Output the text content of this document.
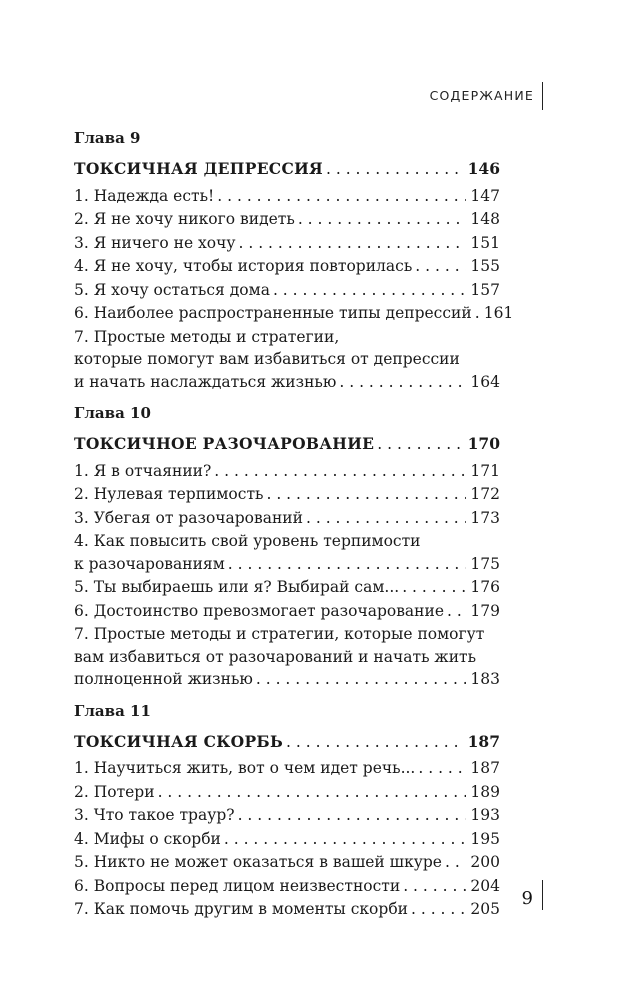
СОДЕРЖАНИЕ
Глава 9
ТОКСИЧНАЯ ДЕПРЕССИЯ . . .	146
1. Надежда есть! . . .	147
2. Я не хочу никого видеть . . .	148
3. Я ничего не хочу . . .	151
4. Я не хочу, чтобы история повторилась . . .	155
5. Я хочу остаться дома . . .	157
6. Наиболее распространенные типы депрессий . . . 161
7. Простые методы и стратегии,
которые помогут вам избавиться от депрессии
и начать наслаждаться жизнью . . .	164
Глава 10
ТОКСИЧНОЕ РАЗОЧАРОВАНИЕ . . .	170
1. Я в отчаянии? . . .	171
2. Нулевая терпимость . . .	172
3. Убегая от разочарований . . .	173
4. Как повысить свой уровень терпимости
к разочарованиям . . .	175
5. Ты выбираешь или я? Выбирай сам... . . .	176
6. Достоинство превозмогает разочарование . . . 179
7. Простые методы и стратегии, которые помогут
вам избавиться от разочарований и начать жить
полноценной жизнью . . .	183
Глава 11
ТОКСИЧНАЯ СКОРБЬ . . .	187
1. Научиться жить, вот о чем идет речь... . . .	187
2. Потери . . .	189
3. Что такое траур? . . .	193
4. Мифы о скорби . . .	195
5. Никто не может оказаться в вашей шкуре . . . 200
6. Вопросы перед лицом неизвестности . . .	204
7. Как помочь другим в моменты скорби . . .	205 9
